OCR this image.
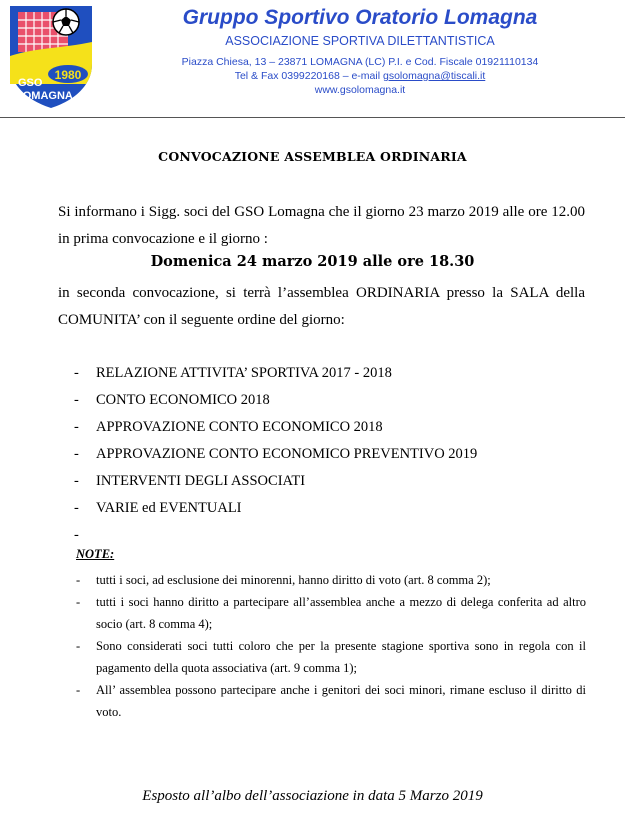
1980
GSO
LOMAGNA
Gruppo Sportivo Oratorio Lomagna
ASSOCIAZIONE SPORTIVA DILETTANTISTICA
Piazza Chiesa, 13 – 23871 LOMAGNA (LC) P.I. e Cod. Fiscale 01921110134
Tel & Fax 0399220168 – e-mail gsolomagna@tiscali.it
www.gsolomagna.it
CONVOCAZIONE ASSEMBLEA ORDINARIA
Si informano i Sigg. soci del GSO Lomagna che il giorno 23 marzo 2019 alle ore 12.00 in prima convocazione e il giorno :
Domenica 24 marzo 2019 alle ore 18.30
in seconda convocazione, si terrà l’assemblea ORDINARIA presso la SALA della COMUNITA’ con il seguente ordine del giorno:
- RELAZIONE ATTIVITA’ SPORTIVA 2017 - 2018
- CONTO ECONOMICO 2018
- APPROVAZIONE CONTO ECONOMICO 2018
- APPROVAZIONE CONTO ECONOMICO PREVENTIVO 2019
- INTERVENTI DEGLI ASSOCIATI
- VARIE ed EVENTUALI
-
NOTE:
- tutti i soci, ad esclusione dei minorenni, hanno diritto di voto (art. 8 comma 2);
- tutti i soci hanno diritto a partecipare all’assemblea anche a mezzo di delega conferita ad altro socio (art. 8 comma 4);
- Sono considerati soci tutti coloro che per la presente stagione sportiva sono in regola con il pagamento della quota associativa (art. 9 comma 1);
- All’ assemblea possono partecipare anche i genitori dei soci minori, rimane escluso il diritto di voto.
Esposto all’albo dell’associazione in data 5 Marzo 2019
